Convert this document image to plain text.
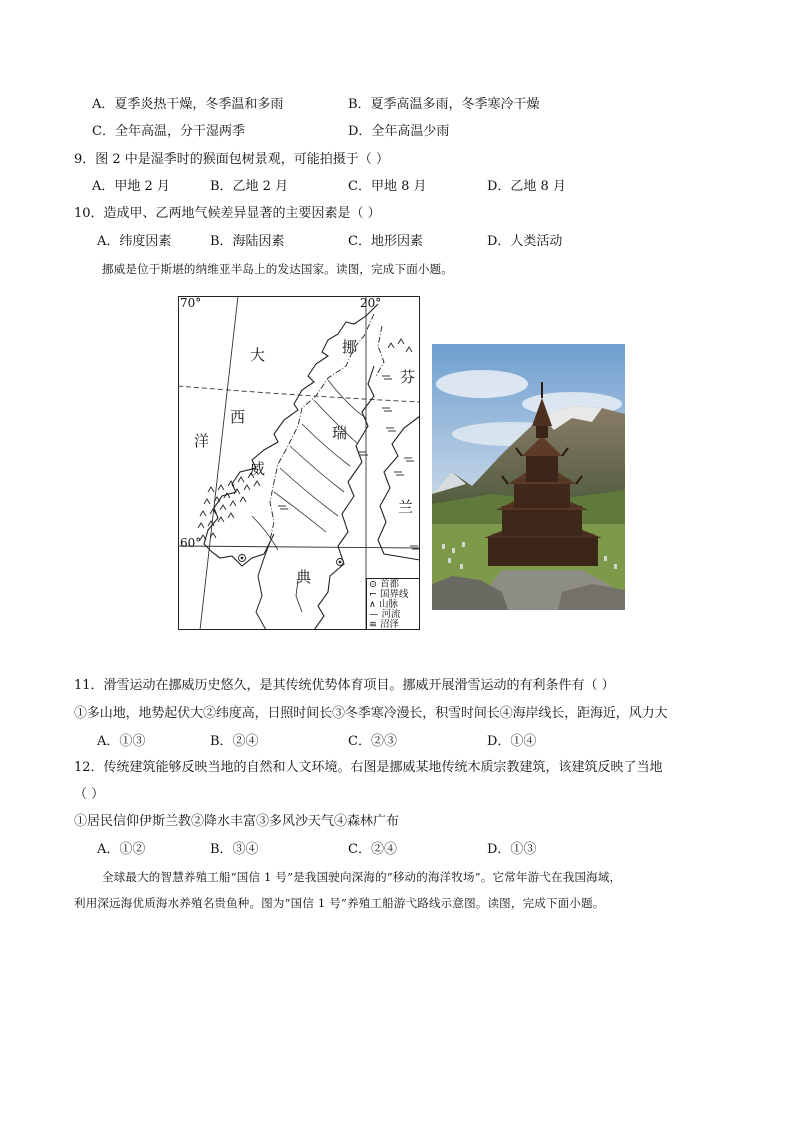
A．夏季炎热干燥，冬季温和多雨	B．夏季高温多雨，冬季寒冷干燥
C．全年高温，分干湿两季	D．全年高温少雨
9．图 2 中是湿季时的猴面包树景观，可能拍摄于（ ）
A．甲地 2 月	B．乙地 2 月	C．甲地 8 月	D．乙地 8 月
10．造成甲、乙两地气候差异显著的主要因素是（ ）
A．纬度因素	B．海陆因素	C．地形因素	D．人类活动
挪威是位于斯堪的纳维亚半岛上的发达国家。读图，完成下面小题。
70°	20°
60°
大
西
洋
挪
威
瑞
典
芬
兰
⊙ 首都
⌐ 国界线
∧ 山脉
— 河流
≡ 沼泽
11．滑雪运动在挪威历史悠久，是其传统优势体育项目。挪威开展滑雪运动的有利条件有（ ）
①多山地，地势起伏大②纬度高，日照时间长③冬季寒冷漫长，积雪时间长④海岸线长，距海近，风力大
A．①③	B．②④	C．②③	D．①④
12．传统建筑能够反映当地的自然和人文环境。右图是挪威某地传统木质宗教建筑，该建筑反映了当地
（ ）
①居民信仰伊斯兰教②降水丰富③多风沙天气④森林广布
A．①②	B．③④	C．②④	D．①③
全球最大的智慧养殖工船“国信 1 号”是我国驶向深海的“移动的海洋牧场”。它常年游弋在我国海域，
利用深远海优质海水养殖名贵鱼种。图为“国信 1 号”养殖工船游弋路线示意图。读图，完成下面小题。
